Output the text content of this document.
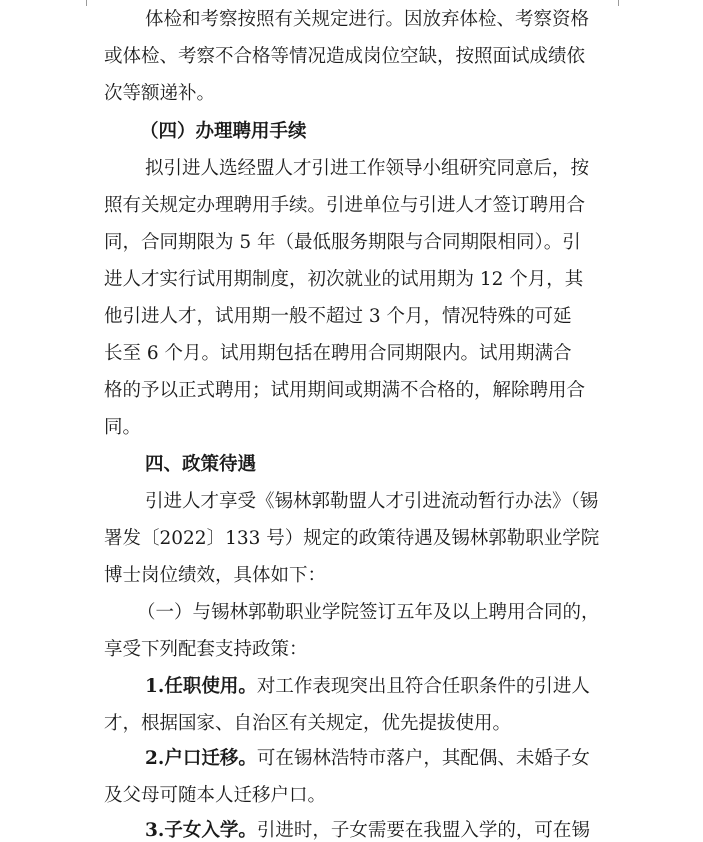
体检和考察按照有关规定进行。因放弃体检、考察资格
或体检、考察不合格等情况造成岗位空缺，按照面试成绩依
次等额递补。
（四）办理聘用手续
拟引进人选经盟人才引进工作领导小组研究同意后，按
照有关规定办理聘用手续。引进单位与引进人才签订聘用合
同，合同期限为 5 年（最低服务期限与合同期限相同）。引
进人才实行试用期制度，初次就业的试用期为 12 个月，其
他引进人才，试用期一般不超过 3 个月，情况特殊的可延
长至 6 个月。试用期包括在聘用合同期限内。试用期满合
格的予以正式聘用；试用期间或期满不合格的，解除聘用合
同。
四、政策待遇
引进人才享受《锡林郭勒盟人才引进流动暂行办法》（锡
署发〔2022〕133 号）规定的政策待遇及锡林郭勒职业学院
博士岗位绩效，具体如下：
（一）与锡林郭勒职业学院签订五年及以上聘用合同的，
享受下列配套支持政策：
1.任职使用。对工作表现突出且符合任职条件的引进人
才，根据国家、自治区有关规定，优先提拔使用。
2.户口迁移。可在锡林浩特市落户，其配偶、未婚子女
及父母可随本人迁移户口。
3.子女入学。引进时，子女需要在我盟入学的，可在锡
